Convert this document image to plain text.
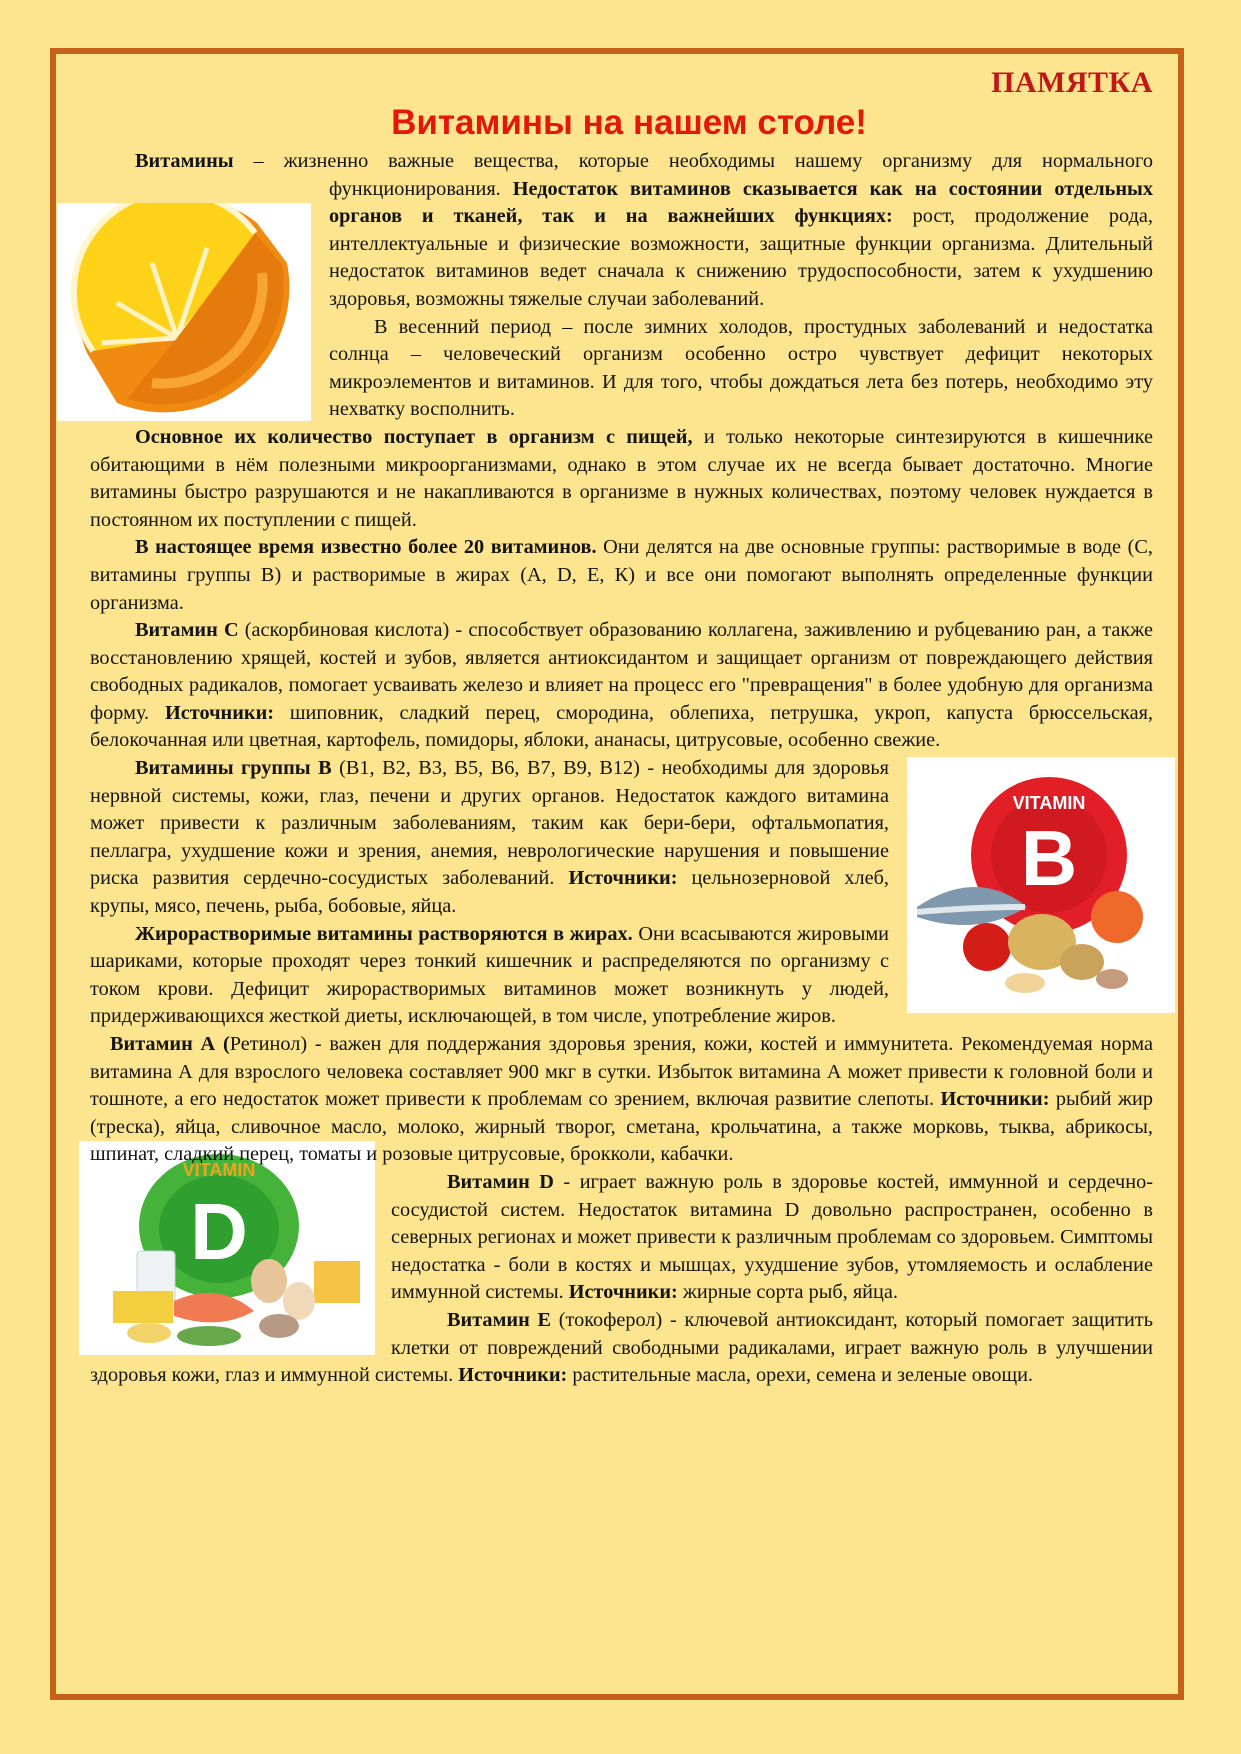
ПАМЯТКА
Витамины на нашем столе!

Витамины – жизненно важные вещества, которые необходимы нашему организму для нормального функционирования. Недостаток витаминов сказывается как на состоянии отдельных органов и тканей, так и на важнейших функциях: рост, продолжение рода, интеллектуальные и физические возможности, защитные функции организма. Длительный недостаток витаминов ведет сначала к снижению трудоспособности, затем к ухудшению здоровья, возможны тяжелые случаи заболеваний.

В весенний период – после зимних холодов, простудных заболеваний и недостатка солнца – человеческий организм особенно остро чувствует дефицит некоторых микроэлементов и витаминов. И для того, чтобы дождаться лета без потерь, необходимо эту нехватку восполнить.

Основное их количество поступает в организм с пищей, и только некоторые синтезируются в кишечнике обитающими в нём полезными микроорганизмами, однако в этом случае их не всегда бывает достаточно. Многие витамины быстро разрушаются и не накапливаются в организме в нужных количествах, поэтому человек нуждается в постоянном их поступлении с пищей.

В настоящее время известно более 20 витаминов. Они делятся на две основные группы: растворимые в воде (С, витамины группы В) и растворимые в жирах (А, D, Е, К) и все они помогают выполнять определенные функции организма.

Витамин С (аскорбиновая кислота) - способствует образованию коллагена, заживлению и рубцеванию ран, а также восстановлению хрящей, костей и зубов, является антиоксидантом и защищает организм от повреждающего действия свободных радикалов, помогает усваивать железо и влияет на процесс его "превращения" в более удобную для организма форму. Источники: шиповник, сладкий перец, смородина, облепиха, петрушка, укроп, капуста брюссельская, белокочанная или цветная, картофель, помидоры, яблоки, ананасы, цитрусовые, особенно свежие.

VITAMIN
B

Витамины группы В (В1, В2, В3, В5, В6, В7, В9, В12) - необходимы для здоровья нервной системы, кожи, глаз, печени и других органов. Недостаток каждого витамина может привести к различным заболеваниям, таким как бери-бери, офтальмопатия, пеллагра, ухудшение кожи и зрения, анемия, неврологические нарушения и повышение риска развития сердечно-сосудистых заболеваний. Источники: цельнозерновой хлеб, крупы, мясо, печень, рыба, бобовые, яйца.

Жирорастворимые витамины растворяются в жирах. Они всасываются жировыми шариками, которые проходят через тонкий кишечник и распределяются по организму с током крови. Дефицит жирорастворимых витаминов может возникнуть у людей, придерживающихся жесткой диеты, исключающей, в том числе, употребление жиров.

Витамин А (Ретинол) - важен для поддержания здоровья зрения, кожи, костей и иммунитета. Рекомендуемая норма витамина А для взрослого человека составляет 900 мкг в сутки. Избыток витамина А может привести к головной боли и тошноте, а его недостаток может привести к проблемам со зрением, включая развитие слепоты. Источники: рыбий жир (треска), яйца, сливочное масло, молоко, жирный творог, сметана, крольчатина, а также морковь, тыква, абрикосы, шпинат, сладкий перец, томаты и розовые цитрусовые, брокколи, кабачки.

VITAMIN
D

Витамин D - играет важную роль в здоровье костей, иммунной и сердечно-сосудистой систем. Недостаток витамина D довольно распространен, особенно в северных регионах и может привести к различным проблемам со здоровьем. Симптомы недостатка - боли в костях и мышцах, ухудшение зубов, утомляемость и ослабление иммунной системы. Источники: жирные сорта рыб, яйца.

Витамин Е (токоферол) - ключевой антиоксидант, который помогает защитить клетки от повреждений свободными радикалами, играет важную роль в улучшении здоровья кожи, глаз и иммунной системы. Источники: растительные масла, орехи, семена и зеленые овощи.
